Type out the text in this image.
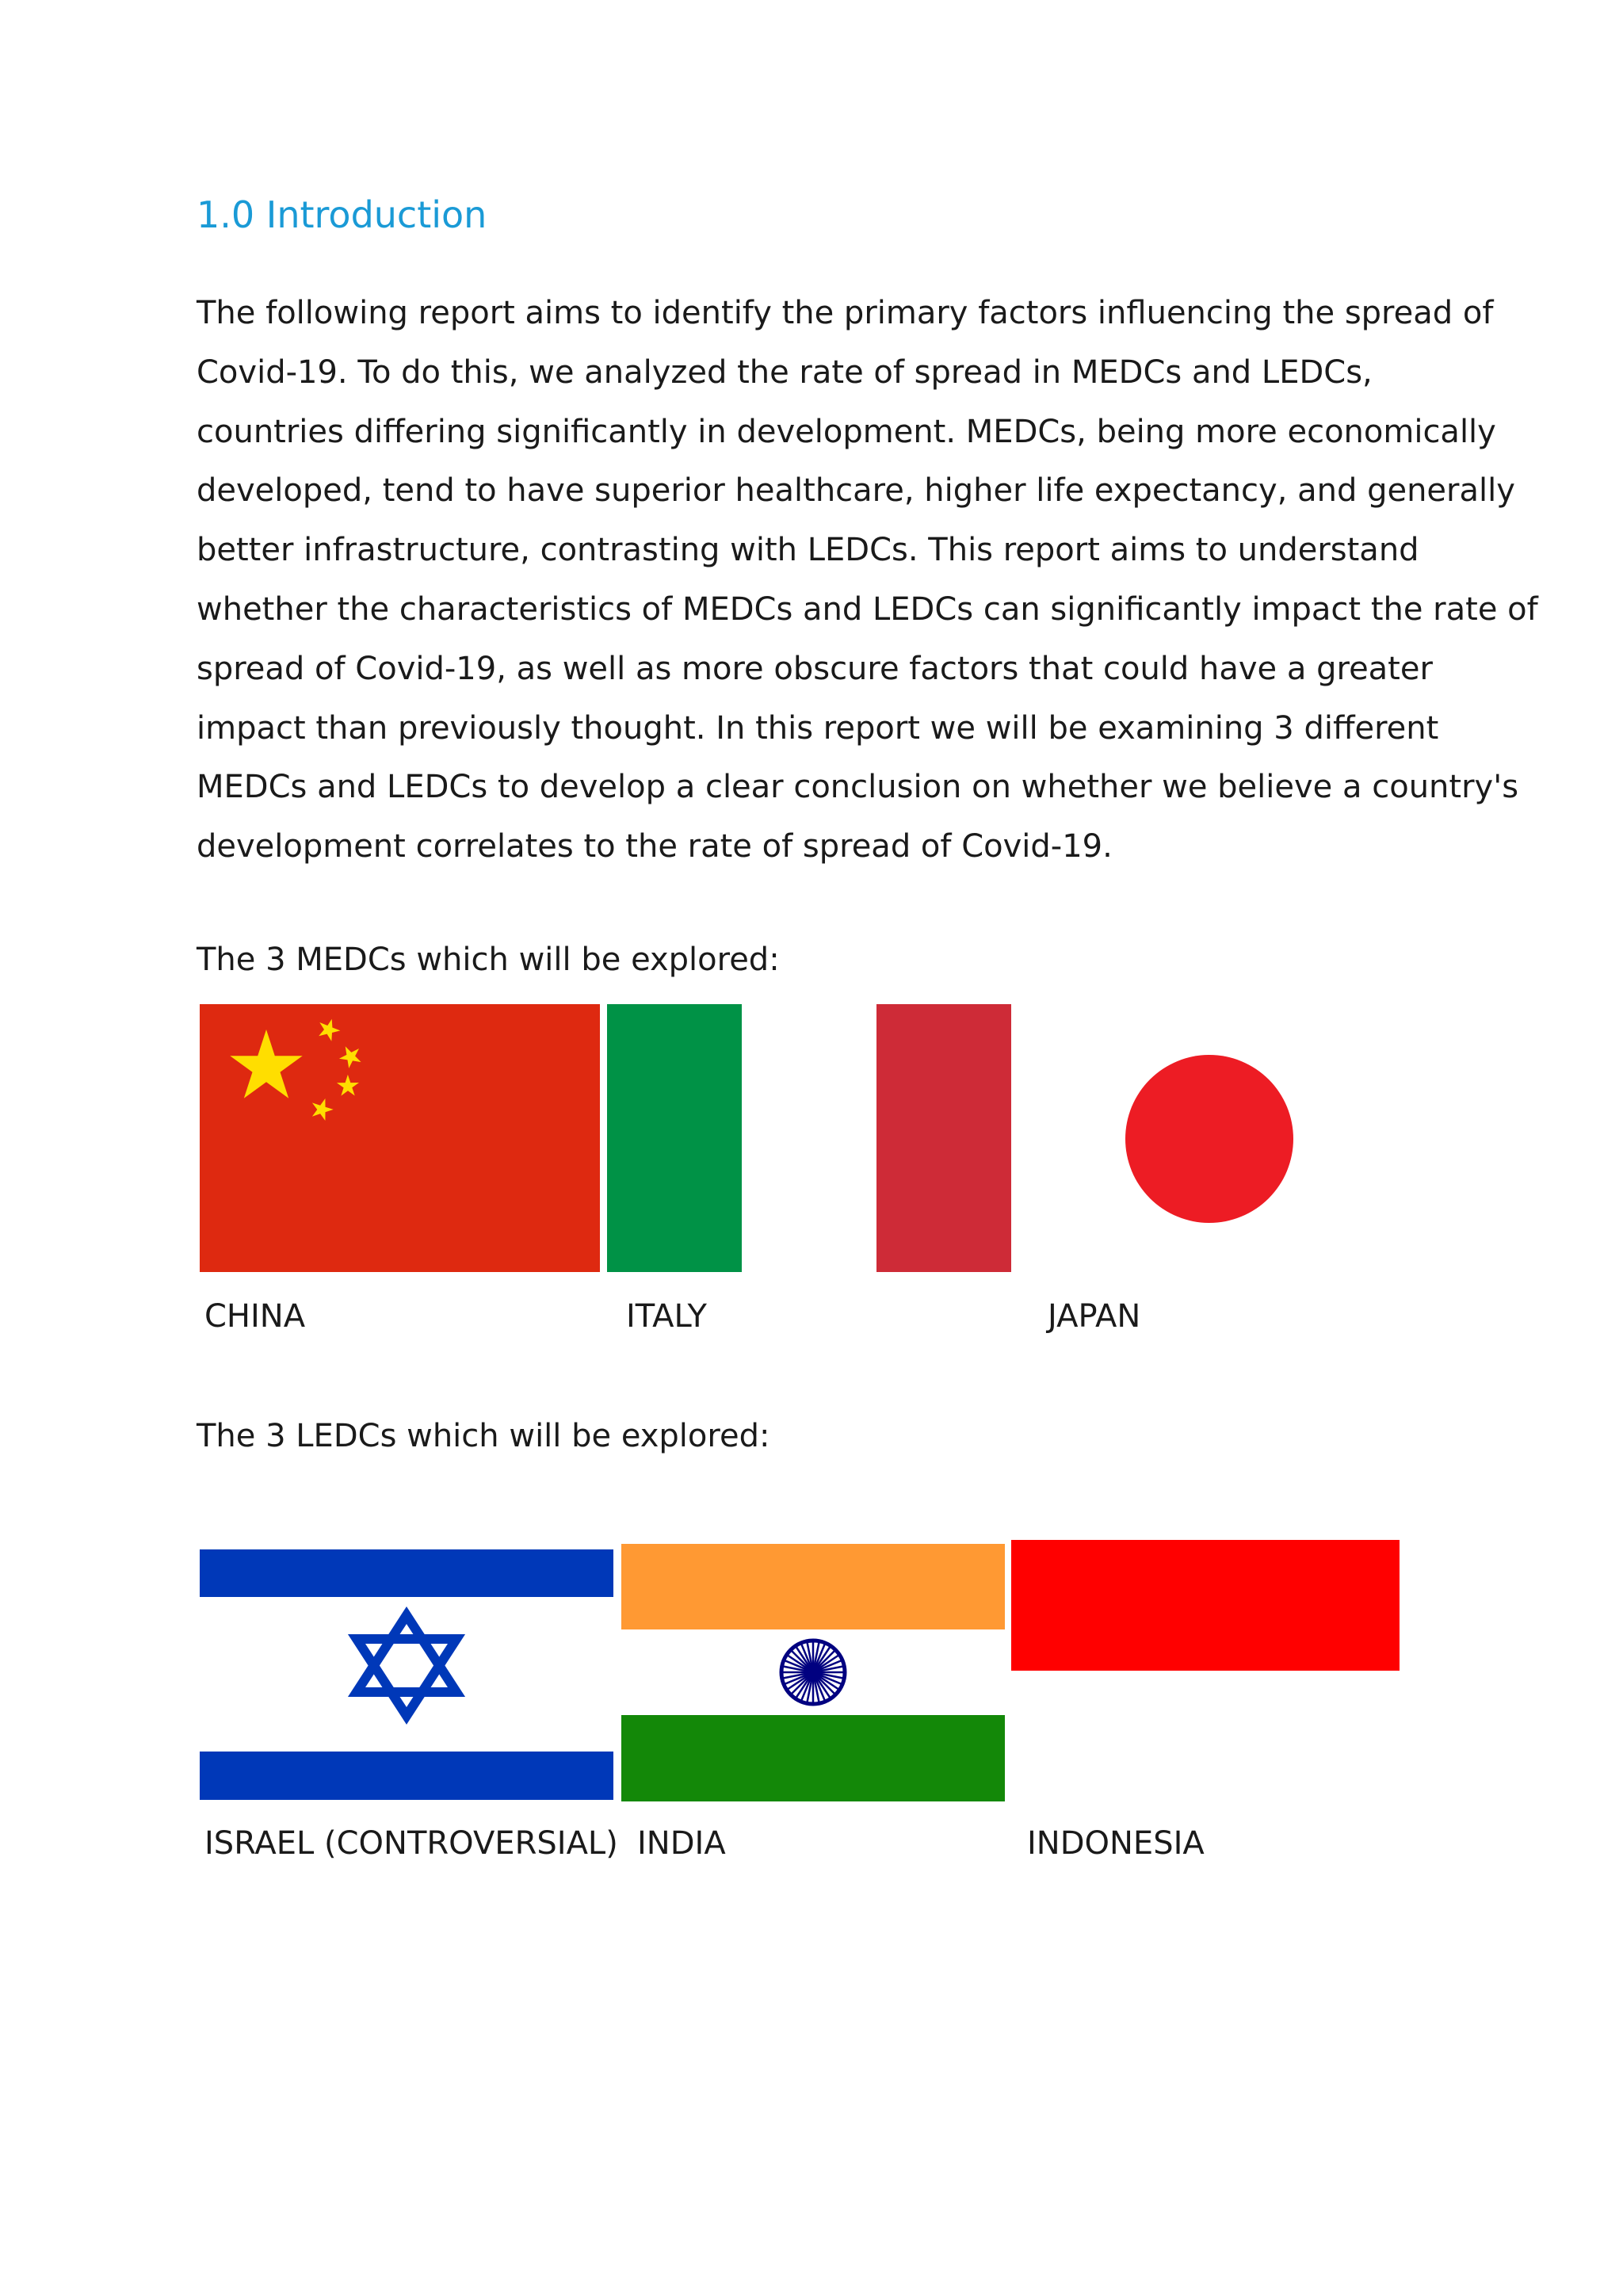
1.0 Introduction

The following report aims to identify the primary factors influencing the spread of
Covid-19. To do this, we analyzed the rate of spread in MEDCs and LEDCs,
countries differing significantly in development. MEDCs, being more economically
developed, tend to have superior healthcare, higher life expectancy, and generally
better infrastructure, contrasting with LEDCs. This report aims to understand
whether the characteristics of MEDCs and LEDCs can significantly impact the rate of
spread of Covid-19, as well as more obscure factors that could have a greater
impact than previously thought. In this report we will be examining 3 different
MEDCs and LEDCs to develop a clear conclusion on whether we believe a country's
development correlates to the rate of spread of Covid-19.

The 3 MEDCs which will be explored:

CHINA	ITALY	JAPAN

The 3 LEDCs which will be explored:

ISRAEL (CONTROVERSIAL) INDIA	INDONESIA
